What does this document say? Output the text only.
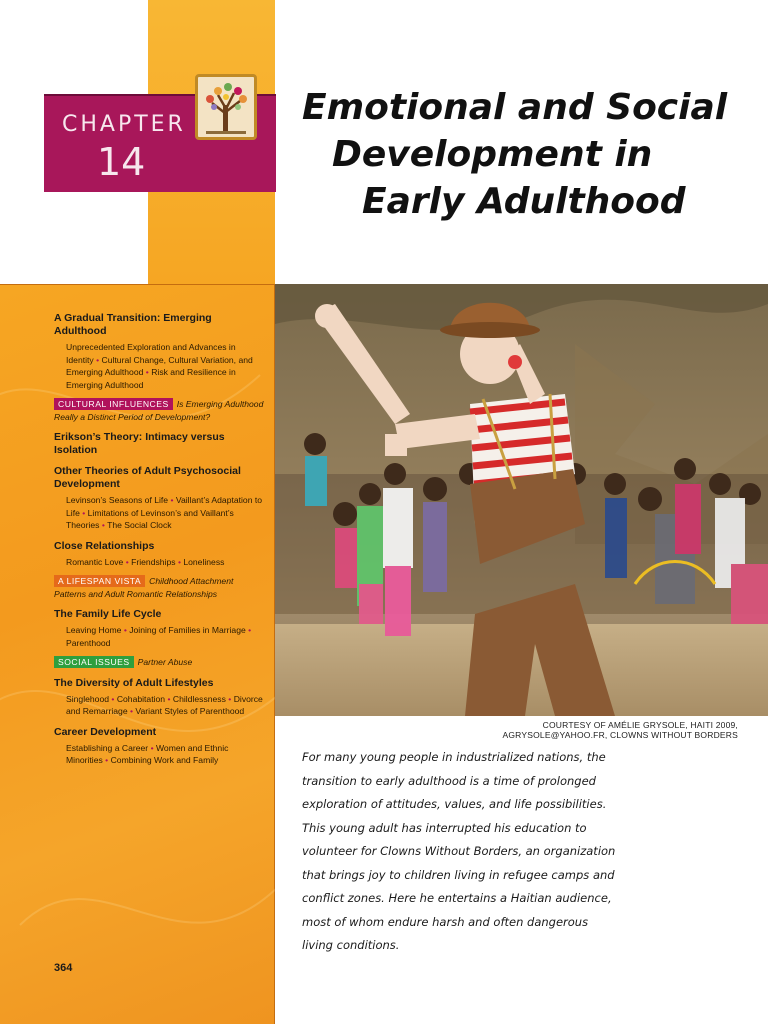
CHAPTER
14
Emotional and Social
Development in
Early Adulthood
A Gradual Transition: Emerging Adulthood
Unprecedented Exploration and Advances in Identity • Cultural Change, Cultural Variation, and Emerging Adulthood • Risk and Resilience in Emerging Adulthood
CULTURAL INFLUENCES Is Emerging Adulthood Really a Distinct Period of Development?
Erikson’s Theory: Intimacy versus Isolation
Other Theories of Adult Psychosocial Development
Levinson’s Seasons of Life • Vaillant’s Adaptation to Life • Limitations of Levinson’s and Vaillant’s Theories • The Social Clock
Close Relationships
Romantic Love • Friendships • Loneliness
A LIFESPAN VISTA Childhood Attachment Patterns and Adult Romantic Relationships
The Family Life Cycle
Leaving Home • Joining of Families in Marriage • Parenthood
SOCIAL ISSUES Partner Abuse
The Diversity of Adult Lifestyles
Singlehood • Cohabitation • Childlessness • Divorce and Remarriage • Variant Styles of Parenthood
Career Development
Establishing a Career • Women and Ethnic Minorities • Combining Work and Family
364
COURTESY OF AMÉLIE GRYSOLE, HAITI 2009,
AGRYSOLE@YAHOO.FR, CLOWNS WITHOUT BORDERS

For many young people in industrialized nations, the transition to early adulthood is a time of prolonged exploration of attitudes, values, and life possibilities. This young adult has interrupted his education to volunteer for Clowns Without Borders, an organization that brings joy to children living in refugee camps and conflict zones. Here he entertains a Haitian audience, most of whom endure harsh and often dangerous living conditions.
